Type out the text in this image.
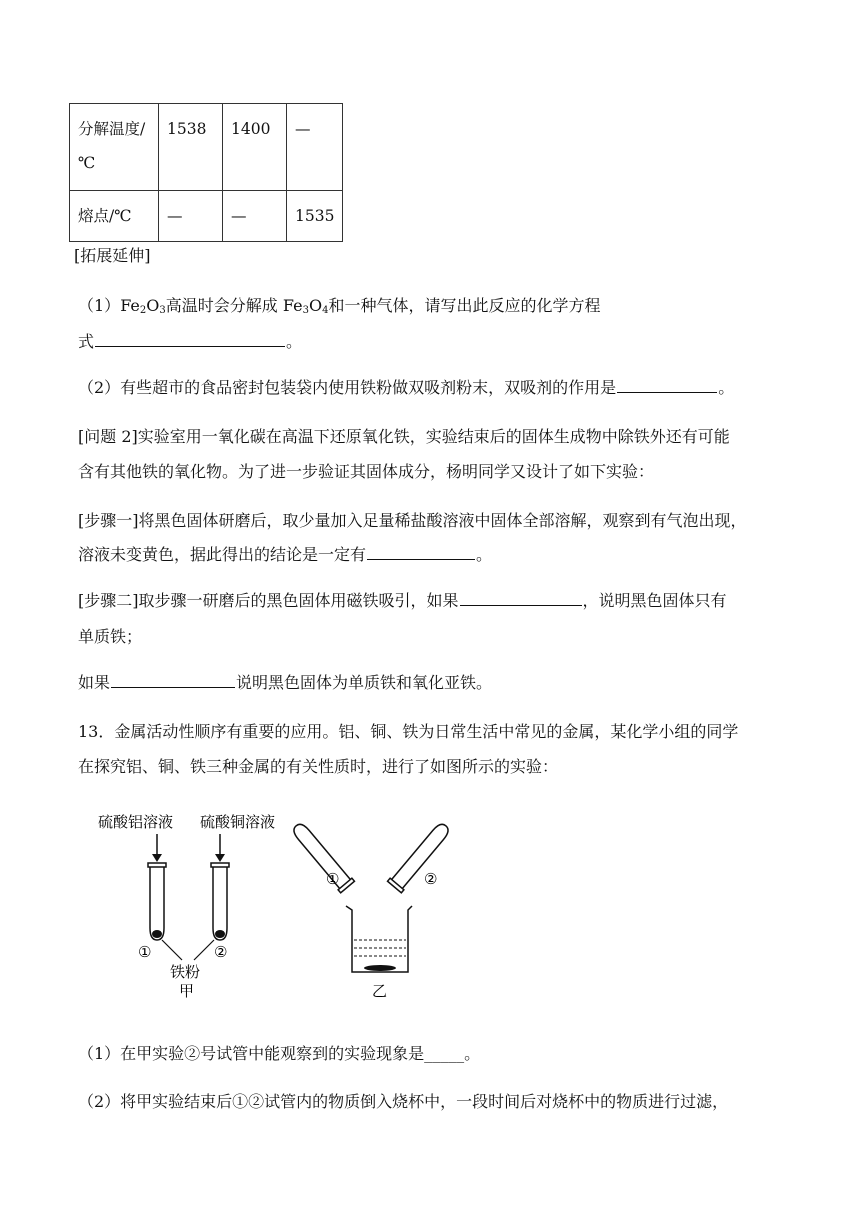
分解温度/℃	1538	1400	—
熔点/℃	—	—	1535
[拓展延伸]
$(1)Fe_2O_3$高温时会分解成 $Fe_3O_4$和一种气体，请写出此反应的化学方程
式	。
（2）有些超市的食品密封包装袋内使用铁粉做双吸剂粉末，双吸剂的作用是	。
[问题 2]实验室用一氧化碳在高温下还原氧化铁，实验结束后的固体生成物中除铁外还有可能
含有其他铁的氧化物。为了进一步验证其固体成分，杨明同学又设计了如下实验：
[步骤一]将黑色固体研磨后，取少量加入足量稀盐酸溶液中固体全部溶解，观察到有气泡出现，
溶液未变黄色，据此得出的结论是一定有	。
[步骤二]取步骤一研磨后的黑色固体用磁铁吸引，如果	，说明黑色固体只有
单质铁；
如果	说明黑色固体为单质铁和氧化亚铁。
13．金属活动性顺序有重要的应用。铝、铜、铁为日常生活中常见的金属，某化学小组的同学
在探究铝、铜、铁三种金属的有关性质时，进行了如图所示的实验：
硫酸铝溶液 硫酸铜溶液
①	②
铁粉
甲
①	②
乙
（1）在甲实验②号试管中能观察到的实验现象是_____。
（2）将甲实验结束后①②试管内的物质倒入烧杯中，一段时间后对烧杯中的物质进行过滤，
